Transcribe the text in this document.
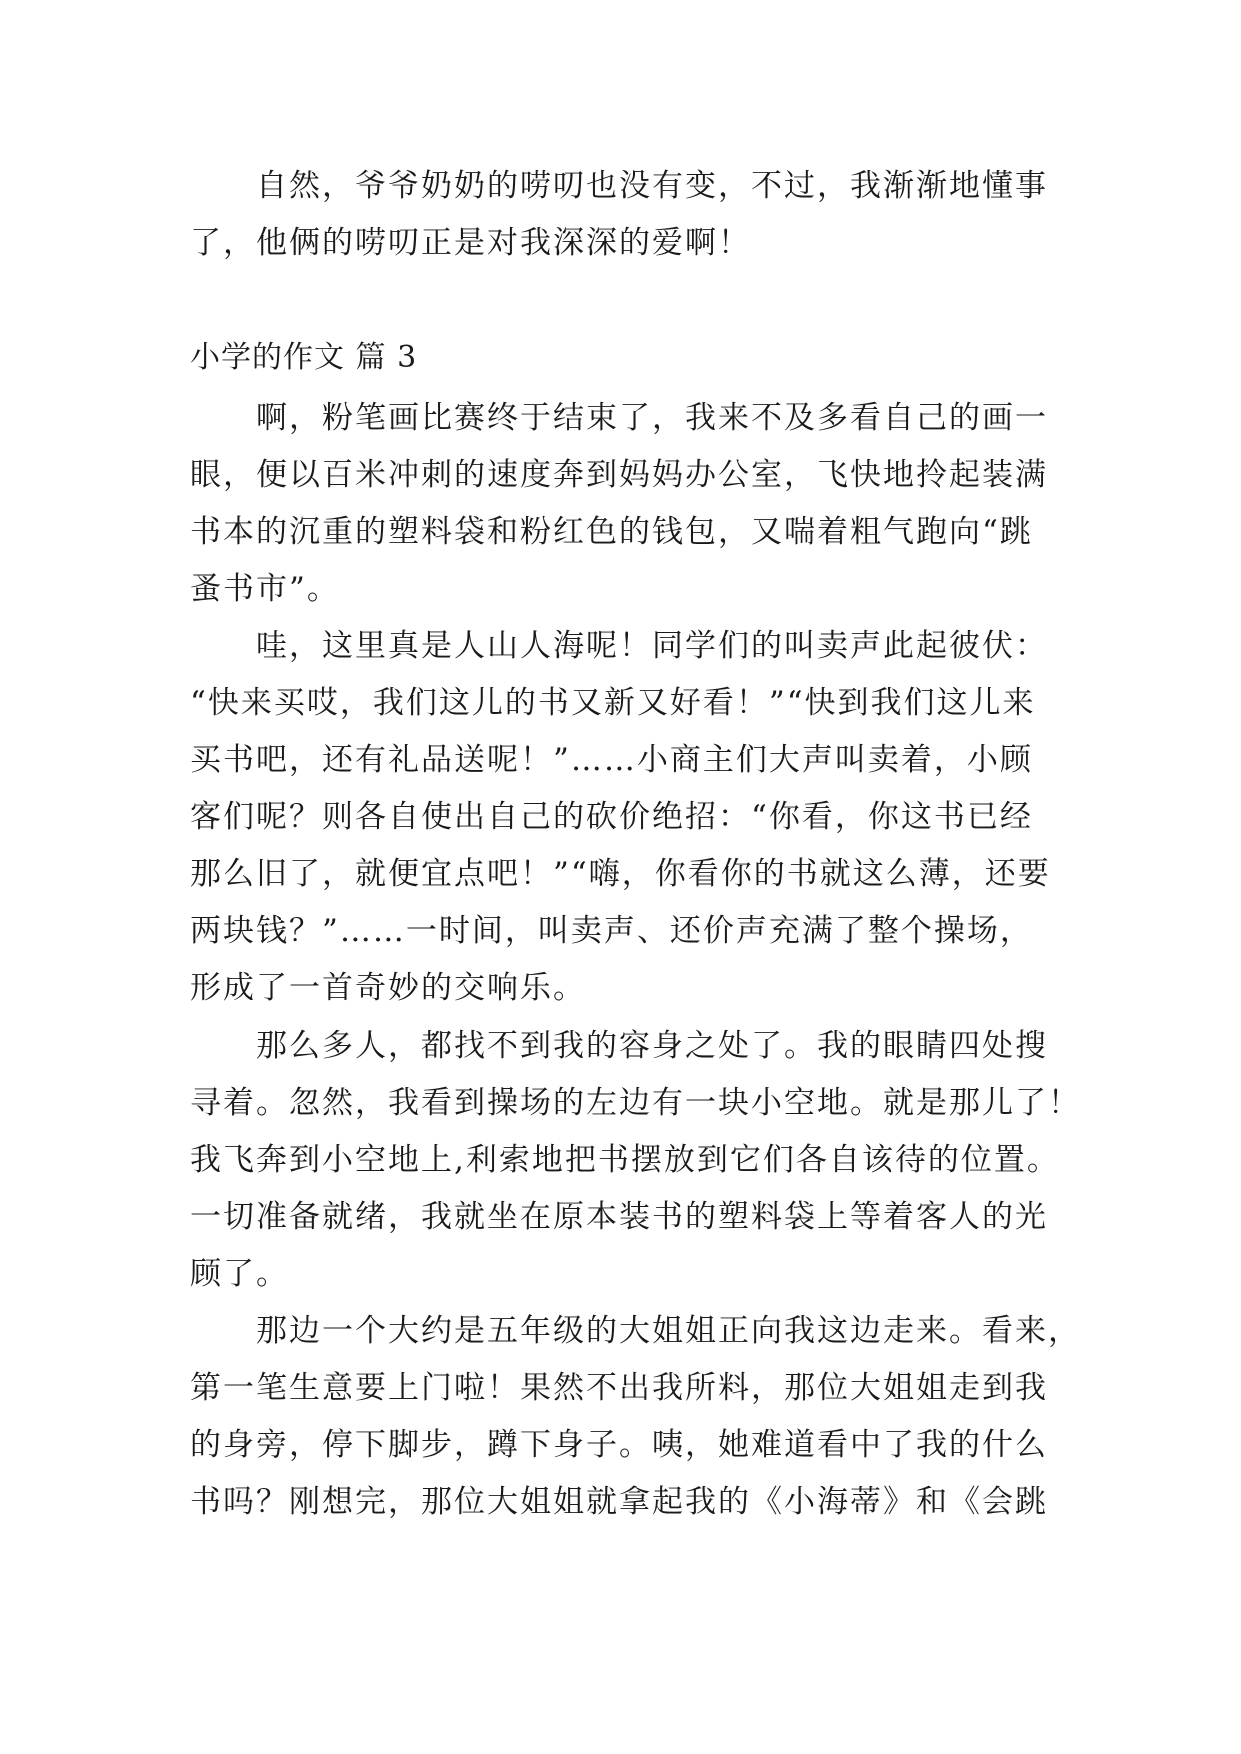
　　自然，爷爷奶奶的唠叨也没有变，不过，我渐渐地懂事
了，他俩的唠叨正是对我深深的爱啊！
小学的作文 篇 3
　　啊，粉笔画比赛终于结束了，我来不及多看自己的画一
眼，便以百米冲刺的速度奔到妈妈办公室，飞快地拎起装满
书本的沉重的塑料袋和粉红色的钱包，又喘着粗气跑向“跳
蚤书市”。
　　哇，这里真是人山人海呢！同学们的叫卖声此起彼伏：
“快来买哎，我们这儿的书又新又好看！”“快到我们这儿来
买书吧，还有礼品送呢！”……小商主们大声叫卖着，小顾
客们呢？则各自使出自己的砍价绝招：“你看，你这书已经
那么旧了，就便宜点吧！”“嗨，你看你的书就这么薄，还要
两块钱？”……一时间，叫卖声、还价声充满了整个操场，
形成了一首奇妙的交响乐。
　　那么多人，都找不到我的容身之处了。我的眼睛四处搜
寻着。忽然，我看到操场的左边有一块小空地。就是那儿了！
我飞奔到小空地上,利索地把书摆放到它们各自该待的位置。
一切准备就绪，我就坐在原本装书的塑料袋上等着客人的光
顾了。
　　那边一个大约是五年级的大姐姐正向我这边走来。看来，
第一笔生意要上门啦！果然不出我所料，那位大姐姐走到我
的身旁，停下脚步，蹲下身子。咦，她难道看中了我的什么
书吗？刚想完，那位大姐姐就拿起我的《小海蒂》和《会跳
